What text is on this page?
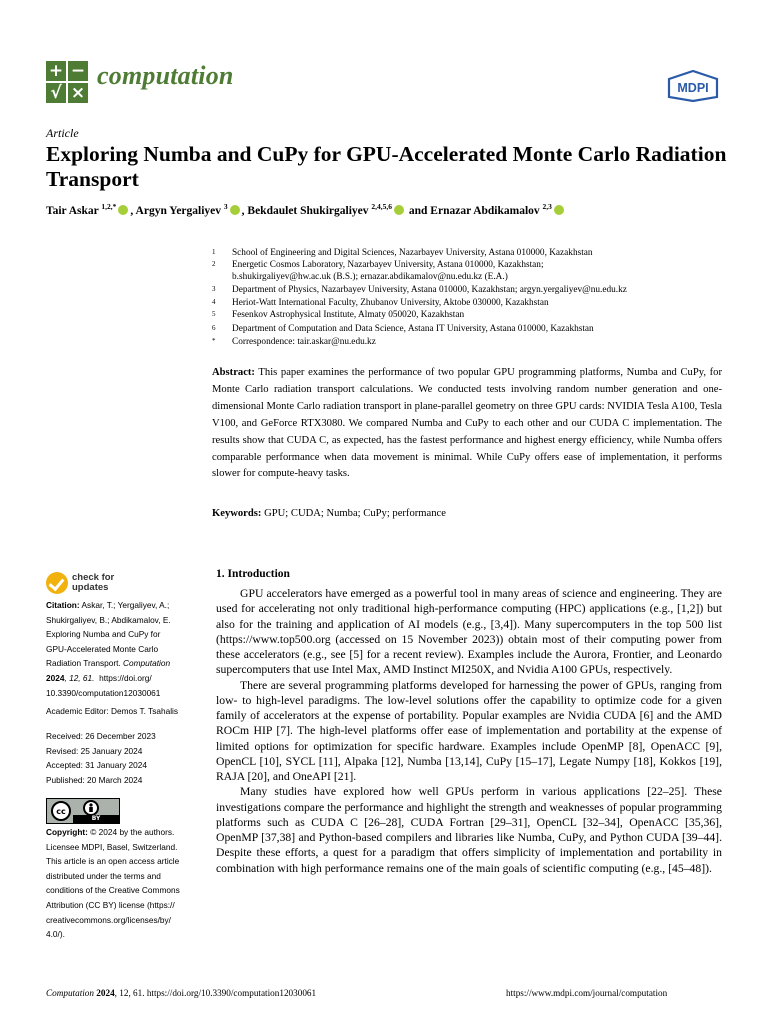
+ −
√ ×
computation	MDPI
Article
Exploring Numba and CuPy for GPU-Accelerated Monte Carlo Radiation Transport
Tair Askar $^{1,2,*}$ , Argyn Yergaliyev $^3$ , Bekdaulet Shukirgaliyev $^{2,4,5,6}$ and Ernazar Abdikamalov $^{2,3}$
1 School of Engineering and Digital Sciences, Nazarbayev University, Astana 010000, Kazakhstan
2 Energetic Cosmos Laboratory, Nazarbayev University, Astana 010000, Kazakhstan;
b.shukirgaliyev@hw.ac.uk (B.S.); ernazar.abdikamalov@nu.edu.kz (E.A.)
3 Department of Physics, Nazarbayev University, Astana 010000, Kazakhstan; argyn.yergaliyev@nu.edu.kz
4 Heriot-Watt International Faculty, Zhubanov University, Aktobe 030000, Kazakhstan
5 Fesenkov Astrophysical Institute, Almaty 050020, Kazakhstan
6 Department of Computation and Data Science, Astana IT University, Astana 010000, Kazakhstan
* Correspondence: tair.askar@nu.edu.kz
Abstract: This paper examines the performance of two popular GPU programming platforms, Numba and CuPy, for Monte Carlo radiation transport calculations. We conducted tests involving random number generation and one-dimensional Monte Carlo radiation transport in plane-parallel geometry on three GPU cards: NVIDIA Tesla A100, Tesla V100, and GeForce RTX3080. We compared Numba and CuPy to each other and our CUDA C implementation. The results show that CUDA C, as expected, has the fastest performance and highest energy efficiency, while Numba offers comparable performance when data movement is minimal. While CuPy offers ease of implementation, it performs slower for compute-heavy tasks.
Keywords: GPU; CUDA; Numba; CuPy; performance
check for
updates
Citation: Askar, T.; Yergaliyev, A.;
Shukirgaliyev, B.; Abdikamalov, E.
Exploring Numba and CuPy for
GPU-Accelerated Monte Carlo
Radiation Transport. Computation
2024, 12, 61. https://doi.org/
10.3390/computation12030061
Academic Editor: Demos T. Tsahalis
Received: 26 December 2023
Revised: 25 January 2024
Accepted: 31 January 2024
Published: 20 March 2024
cc
BY
Copyright: © 2024 by the authors.
Licensee MDPI, Basel, Switzerland.
This article is an open access article
distributed under the terms and
conditions of the Creative Commons
Attribution (CC BY) license (https://
creativecommons.org/licenses/by/
4.0/).
1. Introduction

GPU accelerators have emerged as a powerful tool in many areas of science and engineering. They are used for accelerating not only traditional high-performance computing (HPC) applications (e.g., [1,2]) but also for the training and application of AI models (e.g., [3,4]). Many supercomputers in the top 500 list (https://www.top500.org (accessed on 15 November 2023)) obtain most of their computing power from these accelerators (e.g., see [5] for a recent review). Examples include the Aurora, Frontier, and Leonardo supercomputers that use Intel Max, AMD Instinct MI250X, and Nvidia A100 GPUs, respectively.

There are several programming platforms developed for harnessing the power of GPUs, ranging from low- to high-level paradigms. The low-level solutions offer the capability to optimize code for a given family of accelerators at the expense of portability. Popular examples are Nvidia CUDA [6] and the AMD ROCm HIP [7]. The high-level platforms offer ease of implementation and portability at the expense of limited options for optimization for specific hardware. Examples include OpenMP [8], OpenACC [9], OpenCL [10], SYCL [11], Alpaka [12], Numba [13,14], CuPy [15–17], Legate Numpy [18], Kokkos [19], RAJA [20], and OneAPI [21].

Many studies have explored how well GPUs perform in various applications [22–25]. These investigations compare the performance and highlight the strength and weaknesses of popular programming platforms such as CUDA C [26–28], CUDA Fortran [29–31], OpenCL [32–34], OpenACC [35,36], OpenMP [37,38] and Python-based compilers and libraries like Numba, CuPy, and Python CUDA [39–44]. Despite these efforts, a quest for a paradigm that offers simplicity of implementation and portability in combination with high performance remains one of the main goals of scientific computing (e.g., [45–48]).

Computation 2024, 12, 61. https://doi.org/10.3390/computation12030061	https://www.mdpi.com/journal/computation
